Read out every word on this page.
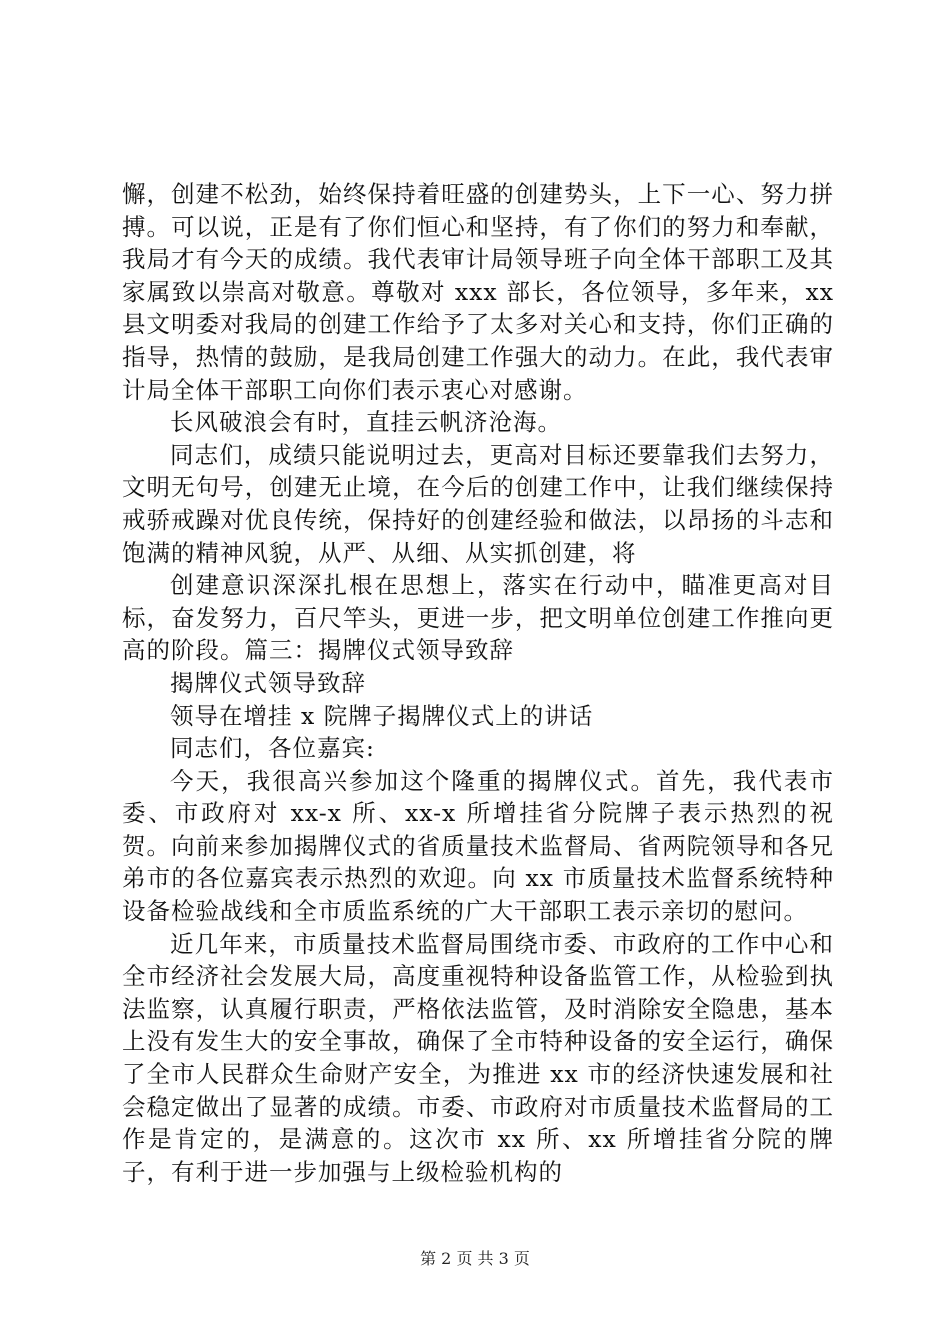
懈，创建不松劲，始终保持着旺盛的创建势头，上下一心、努力拼搏。可以说，正是有了你们恒心和坚持，有了你们的努力和奉献，我局才有今天的成绩。我代表审计局领导班子向全体干部职工及其家属致以崇高对敬意。尊敬对 xxx 部长，各位领导，多年来，xx 县文明委对我局的创建工作给予了太多对关心和支持，你们正确的指导，热情的鼓励，是我局创建工作强大的动力。在此，我代表审计局全体干部职工向你们表示衷心对感谢。

长风破浪会有时，直挂云帆济沧海。

同志们，成绩只能说明过去，更高对目标还要靠我们去努力，文明无句号，创建无止境，在今后的创建工作中，让我们继续保持戒骄戒躁对优良传统，保持好的创建经验和做法，以昂扬的斗志和饱满的精神风貌，从严、从细、从实抓创建，将

创建意识深深扎根在思想上，落实在行动中，瞄准更高对目标，奋发努力，百尺竿头，更进一步，把文明单位创建工作推向更高的阶段。篇三：揭牌仪式领导致辞

揭牌仪式领导致辞

领导在增挂 x 院牌子揭牌仪式上的讲话

同志们，各位嘉宾:

今天，我很高兴参加这个隆重的揭牌仪式。首先，我代表市委、市政府对 xx-x 所、xx-x 所增挂省分院牌子表示热烈的祝贺。向前来参加揭牌仪式的省质量技术监督局、省两院领导和各兄弟市的各位嘉宾表示热烈的欢迎。向 xx 市质量技术监督系统特种设备检验战线和全市质监系统的广大干部职工表示亲切的慰问。

近几年来，市质量技术监督局围绕市委、市政府的工作中心和全市经济社会发展大局，高度重视特种设备监管工作，从检验到执法监察，认真履行职责，严格依法监管，及时消除安全隐患，基本上没有发生大的安全事故，确保了全市特种设备的安全运行，确保了全市人民群众生命财产安全，为推进 xx 市的经济快速发展和社会稳定做出了显著的成绩。市委、市政府对市质量技术监督局的工作是肯定的，是满意的。这次市 xx 所、xx 所增挂省分院的牌子，有利于进一步加强与上级检验机构的

第 2 页 共 3 页
